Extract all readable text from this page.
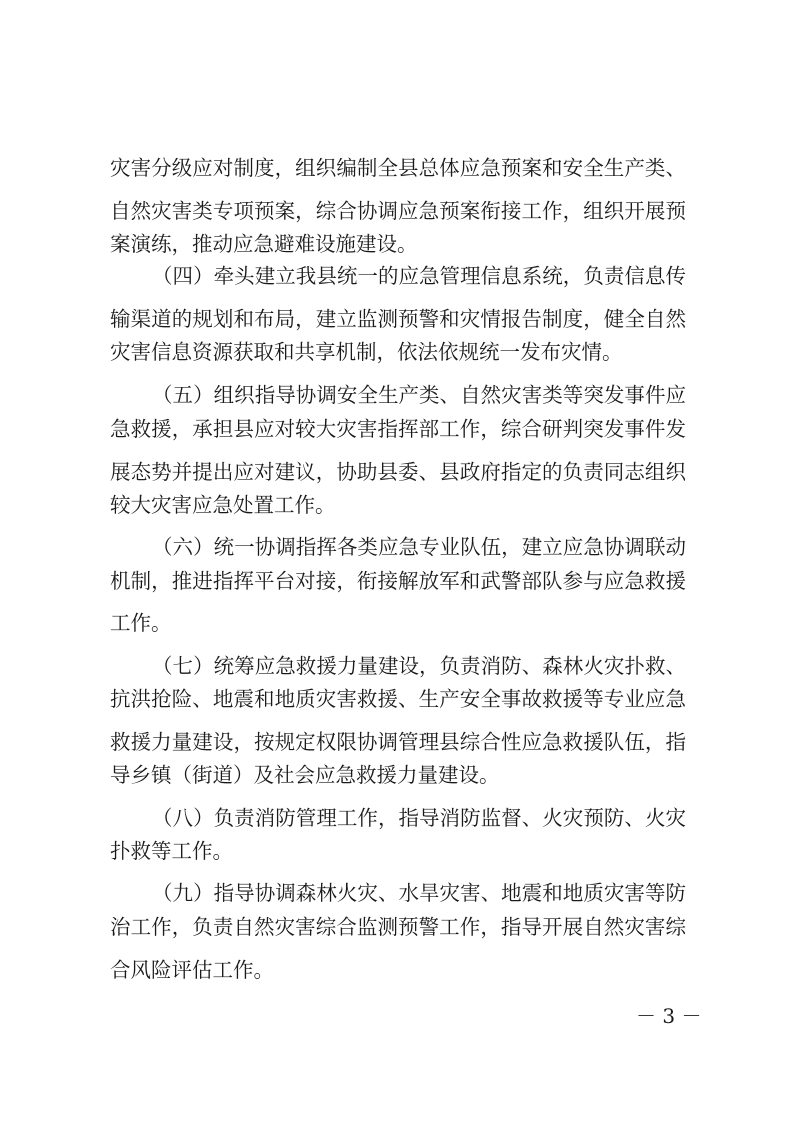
灾害分级应对制度，组织编制全县总体应急预案和安全生产类、
自然灾害类专项预案，综合协调应急预案衔接工作，组织开展预
案演练，推动应急避难设施建设。
（四）牵头建立我县统一的应急管理信息系统，负责信息传
输渠道的规划和布局，建立监测预警和灾情报告制度，健全自然
灾害信息资源获取和共享机制，依法依规统一发布灾情。
（五）组织指导协调安全生产类、自然灾害类等突发事件应
急救援，承担县应对较大灾害指挥部工作，综合研判突发事件发
展态势并提出应对建议，协助县委、县政府指定的负责同志组织
较大灾害应急处置工作。
（六）统一协调指挥各类应急专业队伍，建立应急协调联动
机制，推进指挥平台对接，衔接解放军和武警部队参与应急救援
工作。
（七）统筹应急救援力量建设，负责消防、森林火灾扑救、
抗洪抢险、地震和地质灾害救援、生产安全事故救援等专业应急
救援力量建设，按规定权限协调管理县综合性应急救援队伍，指
导乡镇（街道）及社会应急救援力量建设。
（八）负责消防管理工作，指导消防监督、火灾预防、火灾
扑救等工作。
（九）指导协调森林火灾、水旱灾害、地震和地质灾害等防
治工作，负责自然灾害综合监测预警工作，指导开展自然灾害综
合风险评估工作。
－ 3 －
